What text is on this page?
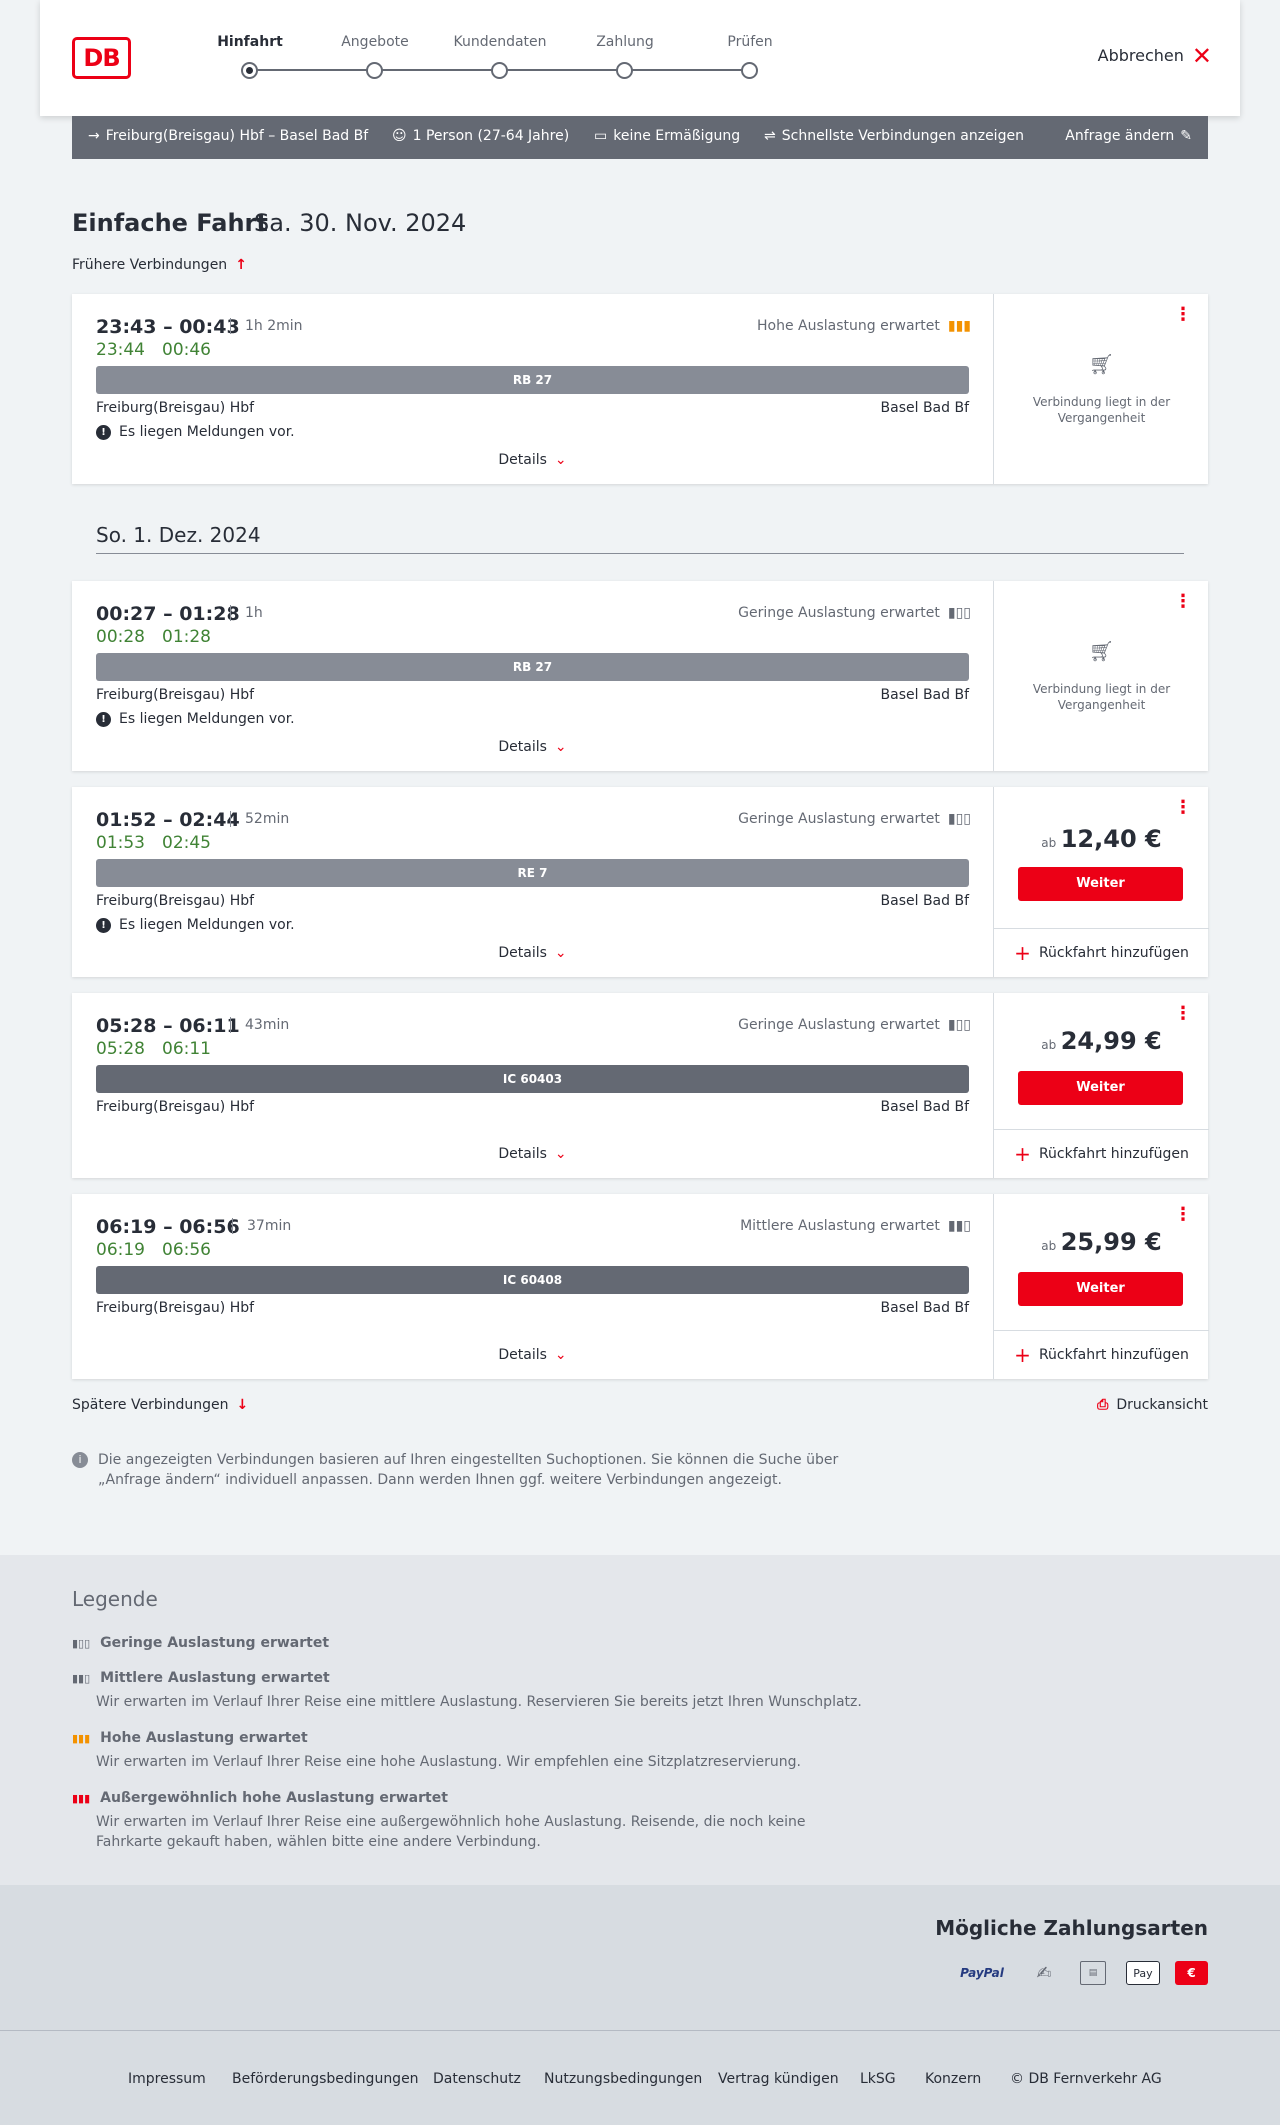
DB
Hinfahrt	Angebote	Kundendaten	Zahlung	Prüfen
Abbrechen ✕
→ Freiburg(Breisgau) Hbf – Basel Bad Bf ☺ 1 Person (27-64 Jahre) ▭ keine Ermäßigung ⇌ Schnellste Verbindungen anzeigen	Anfrage ändern ✎
Einfache Fahrt
Sa. 30. Nov. 2024
Frühere Verbindungen ↑
23:43 – 00:43 1h 2min
23:44 00:46
Hohe Auslastung erwartet ▮▮▮
RB 27
Freiburg(Breisgau) Hbf	Basel Bad Bf
! Es liegen Meldungen vor.
Details ⌄
⋮
🛒︎
Verbindung liegt in der Vergangenheit
So. 1. Dez. 2024
00:27 – 01:28 1h
00:28 01:28
Geringe Auslastung erwartet ▮▯▯
RB 27
Freiburg(Breisgau) Hbf	Basel Bad Bf
! Es liegen Meldungen vor.
Details ⌄
⋮
🛒︎
Verbindung liegt in der Vergangenheit
01:52 – 02:44 52min
01:53 02:45
Geringe Auslastung erwartet ▮▯▯
RE 7
Freiburg(Breisgau) Hbf	Basel Bad Bf
! Es liegen Meldungen vor.
Details ⌄
⋮
ab 12,40 €
Weiter
+ Rückfahrt hinzufügen
05:28 – 06:11 43min
05:28 06:11
Geringe Auslastung erwartet ▮▯▯
IC 60403
Freiburg(Breisgau) Hbf	Basel Bad Bf
Details ⌄
⋮
ab 24,99 €
Weiter
+ Rückfahrt hinzufügen
06:19 – 06:56 37min
06:19 06:56
Mittlere Auslastung erwartet ▮▮▯
IC 60408
Freiburg(Breisgau) Hbf	Basel Bad Bf
Details ⌄
⋮
ab 25,99 €
Weiter
+ Rückfahrt hinzufügen
Spätere Verbindungen ↓	⎙ Druckansicht
i	Die angezeigten Verbindungen basieren auf Ihren eingestellten Suchoptionen. Sie können die Suche über „Anfrage ändern“ individuell anpassen. Dann werden Ihnen ggf. weitere Verbindungen angezeigt.
Legende
▮▯▯ Geringe Auslastung erwartet
▮▮▯ Mittlere Auslastung erwartet
Wir erwarten im Verlauf Ihrer Reise eine mittlere Auslastung. Reservieren Sie bereits jetzt Ihren Wunschplatz.
▮▮▮ Hohe Auslastung erwartet
Wir erwarten im Verlauf Ihrer Reise eine hohe Auslastung. Wir empfehlen eine Sitzplatzreservierung.
▮▮▮ Außergewöhnlich hohe Auslastung erwartet
Wir erwarten im Verlauf Ihrer Reise eine außergewöhnlich hohe Auslastung. Reisende, die noch keine Fahrkarte gekauft haben, wählen bitte eine andere Verbindung.
Mögliche Zahlungsarten
PayPal	✍	▤	Pay	€
Impressum Beförderungsbedingungen Datenschutz Nutzungsbedingungen Vertrag kündigen LkSG Konzern © DB Fernverkehr AG
